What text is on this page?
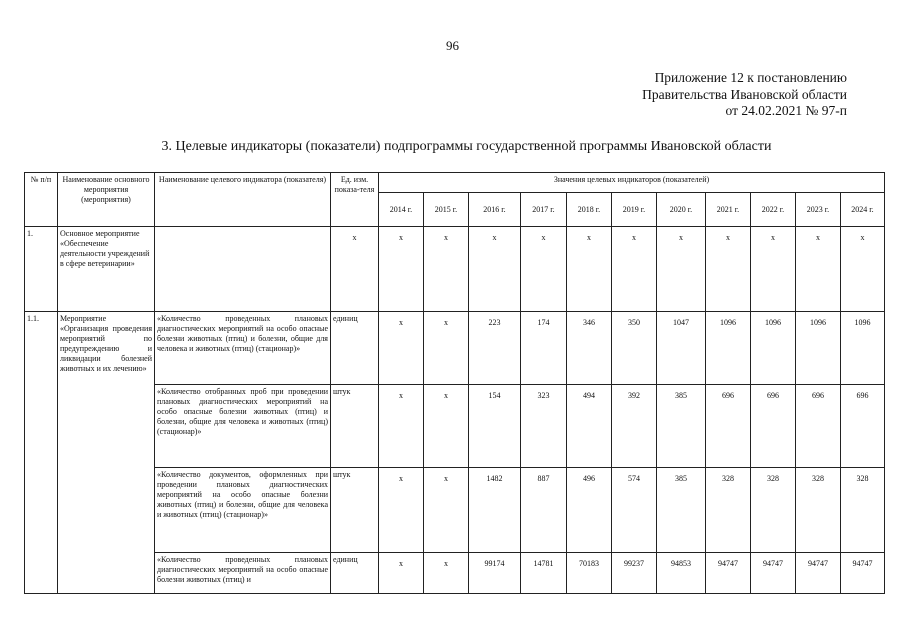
96
Приложение 12 к постановлению
Правительства Ивановской области
от 24.02.2021 № 97-п
3. Целевые индикаторы (показатели) подпрограммы государственной программы Ивановской области
№ п/п	Наименование основного мероприятия (мероприятия)	Наименование целевого индикатора (показателя)	Ед. изм. показа-теля	Значения целевых индикаторов (показателей)										
				2014 г.	2015 г.	2016 г.	2017 г.	2018 г.	2019 г.	2020 г.	2021 г.	2022 г.	2023 г.	2024 г.
1.	Основное мероприятие «Обеспечение деятельности учреждений в сфере ветеринарии»		х	х	х	х	х	х	х	х	х	х	х	х
1.1.	Мероприятие «Организация проведения мероприятий по предупреждению и ликвидации болезней животных и их лечению»	«Количество проведенных плановых диагностических мероприятий на особо опасные болезни животных (птиц) и болезни, общие для человека и животных (птиц) (стационар)»	единиц	х	х	223	174	346	350	1047	1096	1096	1096	1096
		«Количество отобранных проб при проведении плановых диагностических мероприятий на особо опасные болезни животных (птиц) и болезни, общие для человека и животных (птиц) (стационар)»	штук	х	х	154	323	494	392	385	696	696	696	696
		«Количество документов, оформленных при проведении плановых диагностических мероприятий на особо опасные болезни животных (птиц) и болезни, общие для человека и животных (птиц) (стационар)»	штук	х	х	1482	887	496	574	385	328	328	328	328
		«Количество проведенных плановых диагностических мероприятий на особо опасные болезни животных (птиц) и	единиц	х	х	99174	14781	70183	99237	94853	94747	94747	94747	94747
